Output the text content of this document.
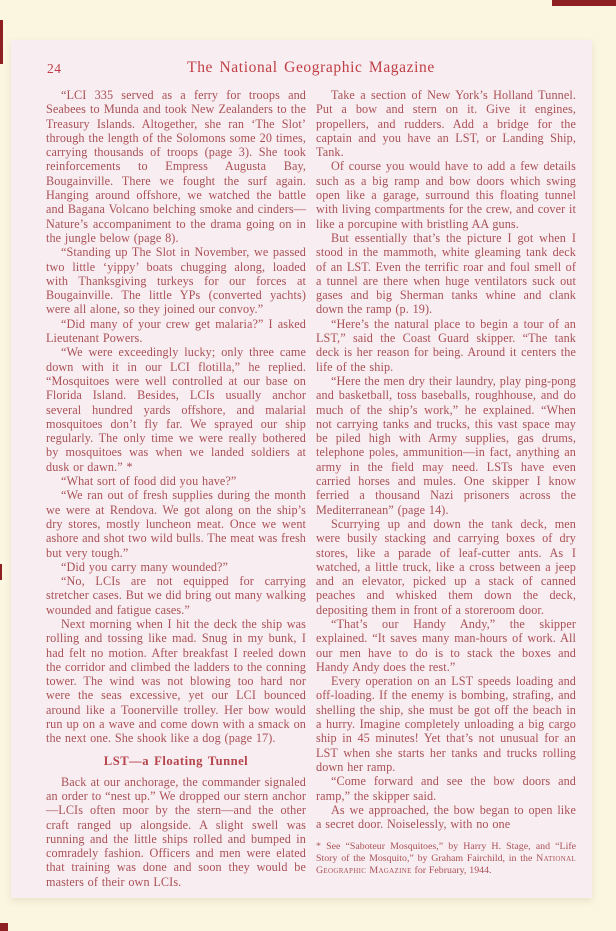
24	The National Geographic Magazine

“LCI 335 served as a ferry for troops and Seabees to Munda and took New Zealanders to the Treasury Islands. Altogether, she ran ‘The Slot’ through the length of the Solomons some 20 times, carrying thousands of troops (page 3). She took reinforcements to Empress Augusta Bay, Bougainville. There we fought the surf again. Hanging around offshore, we watched the battle and Bagana Volcano belching smoke and cinders—Nature’s accompaniment to the drama going on in the jungle below (page 8).

“Standing up The Slot in November, we passed two little ‘yippy’ boats chugging along, loaded with Thanksgiving turkeys for our forces at Bougainville. The little YPs (converted yachts) were all alone, so they joined our convoy.”

“Did many of your crew get malaria?” I asked Lieutenant Powers.

“We were exceedingly lucky; only three came down with it in our LCI flotilla,” he replied. “Mosquitoes were well controlled at our base on Florida Island. Besides, LCIs usually anchor several hundred yards offshore, and malarial mosquitoes don’t fly far. We sprayed our ship regularly. The only time we were really bothered by mosquitoes was when we landed soldiers at dusk or dawn.” *

“What sort of food did you have?”

“We ran out of fresh supplies during the month we were at Rendova. We got along on the ship’s dry stores, mostly luncheon meat. Once we went ashore and shot two wild bulls. The meat was fresh but very tough.”

“Did you carry many wounded?”

“No, LCIs are not equipped for carrying stretcher cases. But we did bring out many walking wounded and fatigue cases.”

Next morning when I hit the deck the ship was rolling and tossing like mad. Snug in my bunk, I had felt no motion. After breakfast I reeled down the corridor and climbed the ladders to the conning tower. The wind was not blowing too hard nor were the seas excessive, yet our LCI bounced around like a Toonerville trolley. Her bow would run up on a wave and come down with a smack on the next one. She shook like a dog (page 17).

LST—a Floating Tunnel

Back at our anchorage, the commander signaled an order to “nest up.” We dropped our stern anchor—LCIs often moor by the stern—and the other craft ranged up alongside. A slight swell was running and the little ships rolled and bumped in comradely fashion. Officers and men were elated that training was done and soon they would be masters of their own LCIs.

Take a section of New York’s Holland Tunnel. Put a bow and stern on it. Give it engines, propellers, and rudders. Add a bridge for the captain and you have an LST, or Landing Ship, Tank.

Of course you would have to add a few details such as a big ramp and bow doors which swing open like a garage, surround this floating tunnel with living compartments for the crew, and cover it like a porcupine with bristling AA guns.

But essentially that’s the picture I got when I stood in the mammoth, white gleaming tank deck of an LST. Even the terrific roar and foul smell of a tunnel are there when huge ventilators suck out gases and big Sherman tanks whine and clank down the ramp (p. 19).

“Here’s the natural place to begin a tour of an LST,” said the Coast Guard skipper. “The tank deck is her reason for being. Around it centers the life of the ship.

“Here the men dry their laundry, play ping-pong and basketball, toss baseballs, roughhouse, and do much of the ship’s work,” he explained. “When not carrying tanks and trucks, this vast space may be piled high with Army supplies, gas drums, telephone poles, ammunition—in fact, anything an army in the field may need. LSTs have even carried horses and mules. One skipper I know ferried a thousand Nazi prisoners across the Mediterranean” (page 14).

Scurrying up and down the tank deck, men were busily stacking and carrying boxes of dry stores, like a parade of leaf-cutter ants. As I watched, a little truck, like a cross between a jeep and an elevator, picked up a stack of canned peaches and whisked them down the deck, depositing them in front of a storeroom door.

“That’s our Handy Andy,” the skipper explained. “It saves many man-hours of work. All our men have to do is to stack the boxes and Handy Andy does the rest.”

Every operation on an LST speeds loading and off-loading. If the enemy is bombing, strafing, and shelling the ship, she must be got off the beach in a hurry. Imagine completely unloading a big cargo ship in 45 minutes! Yet that’s not unusual for an LST when she starts her tanks and trucks rolling down her ramp.

“Come forward and see the bow doors and ramp,” the skipper said.

As we approached, the bow began to open like a secret door. Noiselessly, with no one

* See “Saboteur Mosquitoes,” by Harry H. Stage, and “Life Story of the Mosquito,” by Graham Fairchild, in the National Geographic Magazine for February, 1944.
